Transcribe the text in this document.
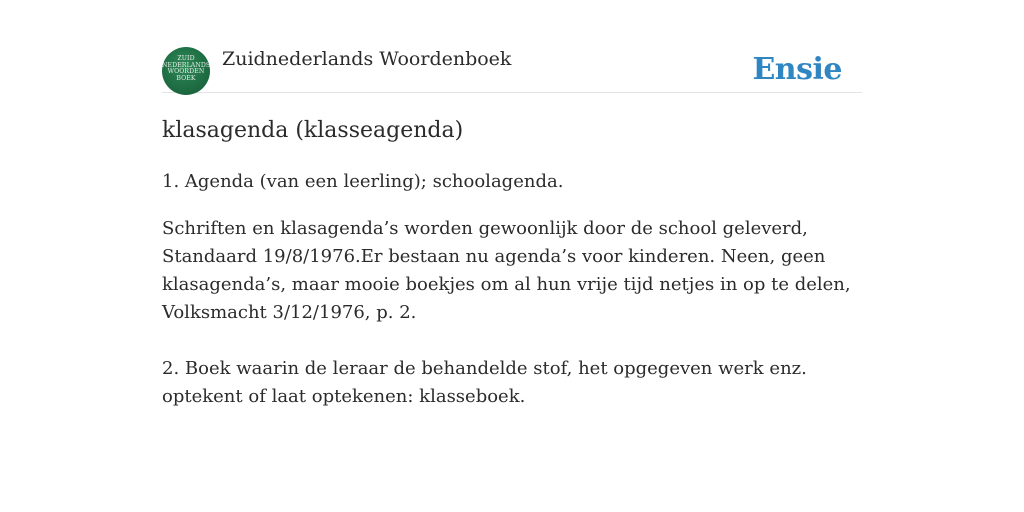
ZUID
NEDERLANDS
WOORDEN
BOEK
Zuidnederlands Woordenboek	Ensie
klasagenda (klasseagenda)

1. Agenda (van een leerling); schoolagenda.

Schriften en klasagenda’s worden gewoonlijk door de school geleverd, Standaard 19/8/1976.Er bestaan nu agenda’s voor kinderen. Neen, geen klasagenda’s, maar mooie boekjes om al hun vrije tijd netjes in op te delen, Volksmacht 3/12/1976, p. 2.

2. Boek waarin de leraar de behandelde stof, het opgegeven werk enz. optekent of laat optekenen: klasseboek.
